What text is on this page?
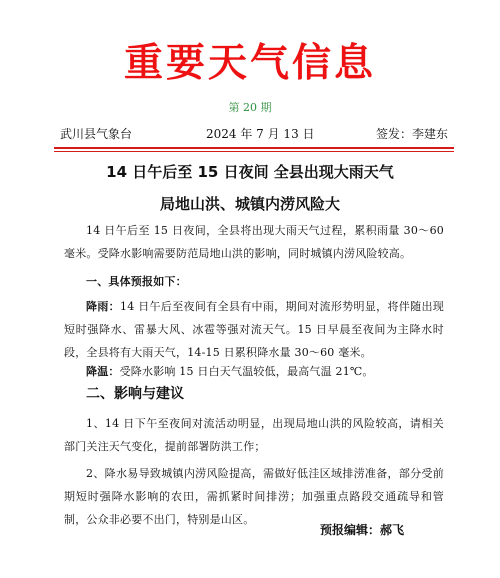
重要天气信息
第 20 期
武川县气象台	2024 年 7 月 13 日	签发：李建东
14 日午后至 15 日夜间 全县出现大雨天气
局地山洪、城镇内涝风险大
14 日午后至 15 日夜间，全县将出现大雨天气过程，累积雨量 30～60 毫米。受降水影响需要防范局地山洪的影响，同时城镇内涝风险较高。
一、具体预报如下：
降雨：14 日午后至夜间有全县有中雨，期间对流形势明显，将伴随出现短时强降水、雷暴大风、冰雹等强对流天气。15 日早晨至夜间为主降水时段，全县将有大雨天气，14-15 日累积降水量 30～60 毫米。
降温：受降水影响 15 日白天气温较低，最高气温 21℃。
二、影响与建议
1、14 日下午至夜间对流活动明显，出现局地山洪的风险较高，请相关部门关注天气变化，提前部署防洪工作；
2、降水易导致城镇内涝风险提高，需做好低洼区域排涝准备，部分受前期短时强降水影响的农田，需抓紧时间排涝；加强重点路段交通疏导和管制，公众非必要不出门，特别是山区。
预报编辑：郝飞
